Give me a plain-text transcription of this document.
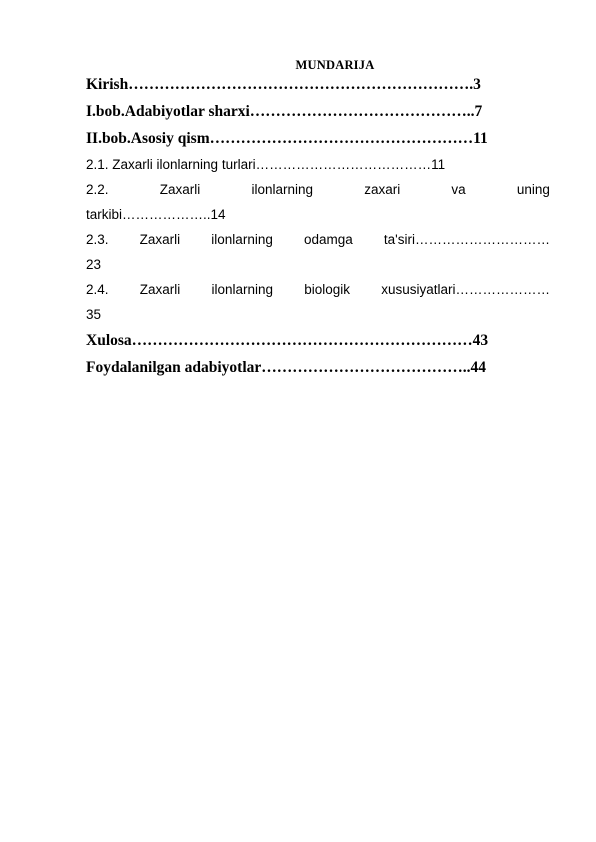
MUNDARIJA
Kirish………………………………………………………….3
I.bob.Adabiyotlar sharxi……………………………………..7
II.bob.Asosiy qism……………………………………………11
2.1. Zaxarli ilonlarning turlari…………………………………11
2.2.	Zaxarli	ilonlarning	zaxari	va	uning
tarkibi………………..14
2.3. Zaxarli ilonlarning odamga ta'siri…………………………
23
2.4. Zaxarli ilonlarning biologik xususiyatlari…………………
35
Xulosa…………………………………………………………43
Foydalanilgan adabiyotlar…………………………………..44
